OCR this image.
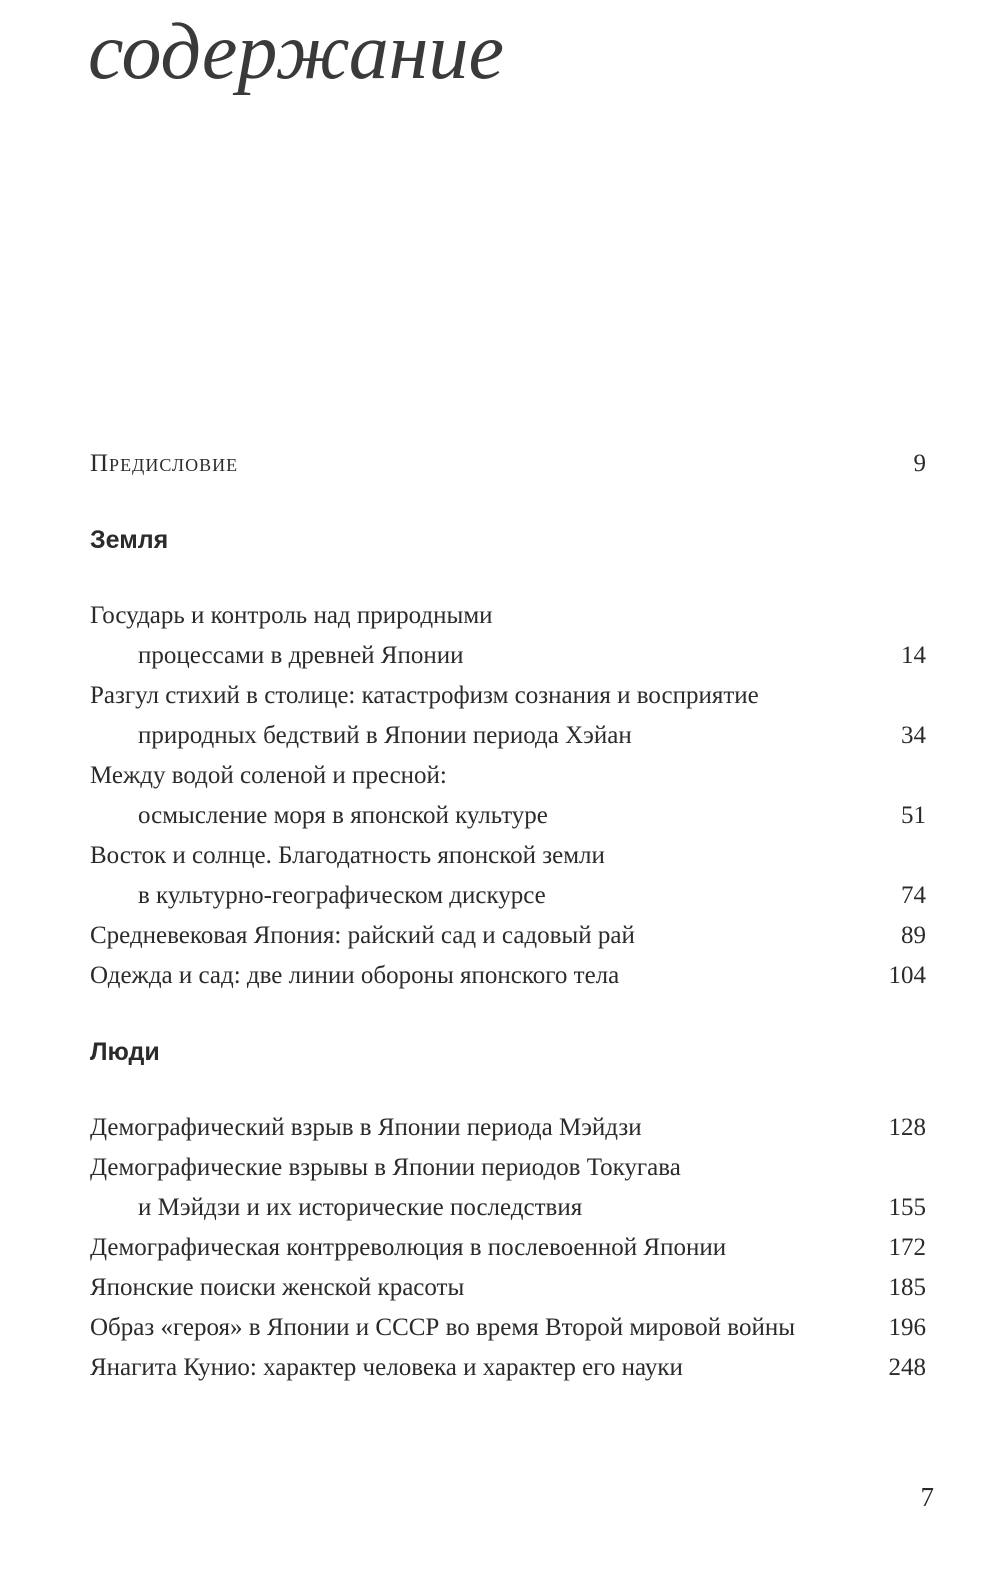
содержание
Предисловие	9
Земля
Государь и контроль над природными
процессами в древней Японии	14
Разгул стихий в столице: катастрофизм сознания и восприятие
природных бедствий в Японии периода Хэйан	34
Между водой соленой и пресной:
осмысление моря в японской культуре	51
Восток и солнце. Благодатность японской земли
в культурно-географическом дискурсе	74
Средневековая Япония: райский сад и садовый рай	89
Одежда и сад: две линии обороны японского тела	104
Люди
Демографический взрыв в Японии периода Мэйдзи	128
Демографические взрывы в Японии периодов Токугава
и Мэйдзи и их исторические последствия	155
Демографическая контрреволюция в послевоенной Японии	172
Японские поиски женской красоты	185
Образ «героя» в Японии и СССР во время Второй мировой войны	196
Янагита Кунио: характер человека и характер его науки	248
7
